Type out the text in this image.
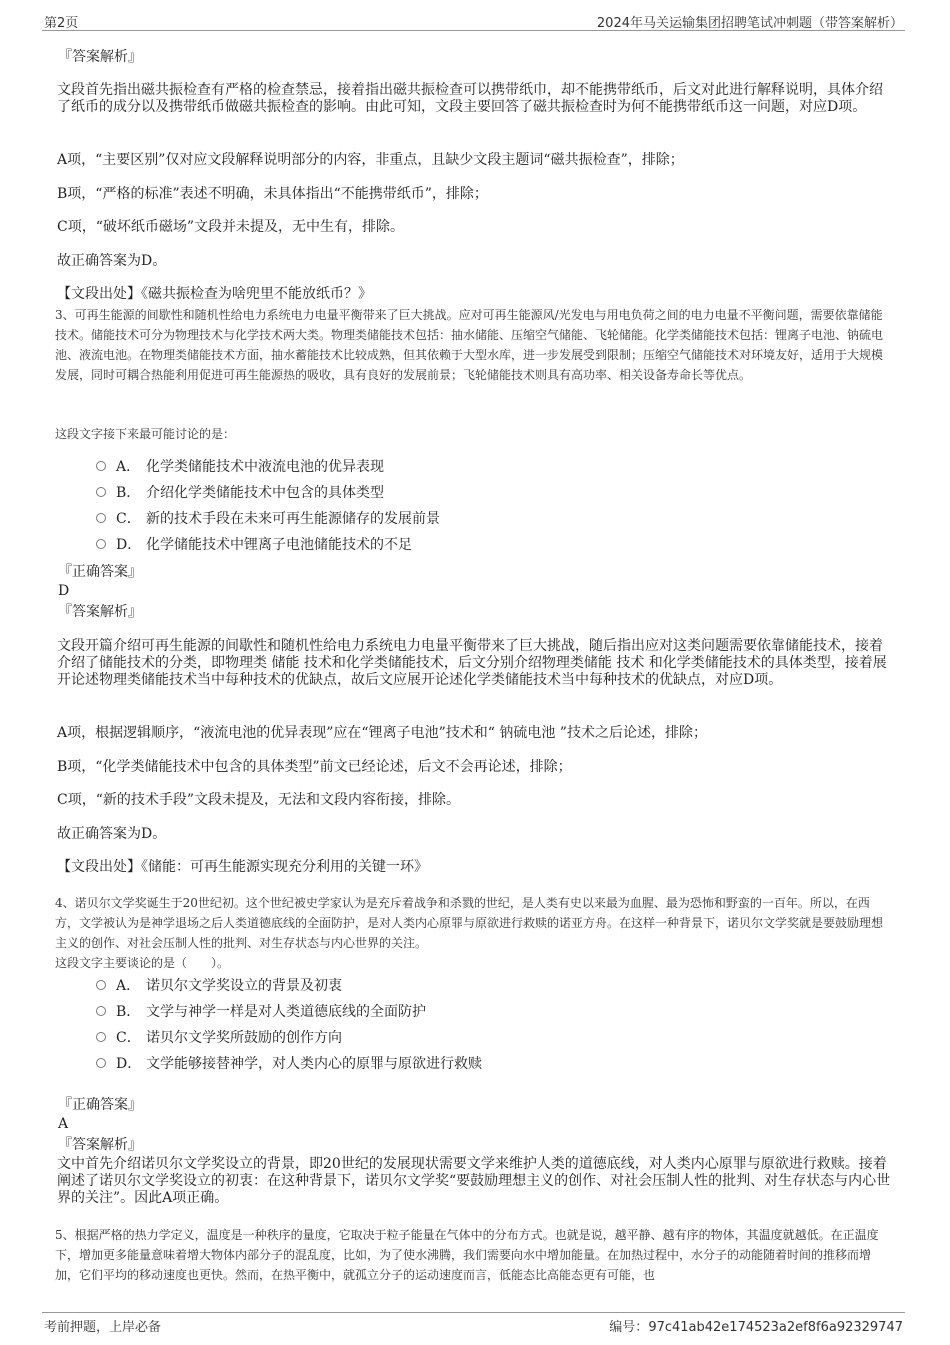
第2页	2024年马关运输集团招聘笔试冲刺题（带答案解析）
『答案解析』
文段首先指出磁共振检查有严格的检查禁忌，接着指出磁共振检查可以携带纸巾，却不能携带纸币，后文对此进行解释说明，具体介绍了纸币的成分以及携带纸币做磁共振检查的影响。由此可知，文段主要回答了磁共振检查时为何不能携带纸币这一问题，对应D项。
A项，“主要区别”仅对应文段解释说明部分的内容，非重点，且缺少文段主题词“磁共振检查”，排除；
B项，“严格的标准”表述不明确，未具体指出“不能携带纸币”，排除；
C项，“破坏纸币磁场”文段并未提及，无中生有，排除。
故正确答案为D。
【文段出处】《磁共振检查为啥兜里不能放纸币？》
3、可再生能源的间歇性和随机性给电力系统电力电量平衡带来了巨大挑战。应对可再生能源风/光发电与用电负荷之间的电力电量不平衡问题，需要依靠储能技术。储能技术可分为物理技术与化学技术两大类。物理类储能技术包括：抽水储能、压缩空气储能、飞轮储能。化学类储能技术包括：锂离子电池、钠硫电池、液流电池。在物理类储能技术方面，抽水蓄能技术比较成熟，但其依赖于大型水库，进一步发展受到限制；压缩空气储能技术对环境友好，适用于大规模发展，同时可耦合热能利用促进可再生能源热的吸收，具有良好的发展前景；飞轮储能技术则具有高功率、相关设备寿命长等优点。
这段文字接下来最可能讨论的是：
A． 化学类储能技术中液流电池的优异表现
B． 介绍化学类储能技术中包含的具体类型
C． 新的技术手段在未来可再生能源储存的发展前景
D． 化学储能技术中锂离子电池储能技术的不足
『正确答案』
D
『答案解析』
文段开篇介绍可再生能源的间歇性和随机性给电力系统电力电量平衡带来了巨大挑战，随后指出应对这类问题需要依靠储能技术，接着介绍了储能技术的分类，即物理类 储能 技术和化学类储能技术，后文分别介绍物理类储能 技术 和化学类储能技术的具体类型，接着展开论述物理类储能技术当中每种技术的优缺点，故后文应展开论述化学类储能技术当中每种技术的优缺点，对应D项。
A项，根据逻辑顺序，“液流电池的优异表现”应在“锂离子电池”技术和“ 钠硫电池 ”技术之后论述，排除；
B项，“化学类储能技术中包含的具体类型”前文已经论述，后文不会再论述，排除；
C项，“新的技术手段”文段未提及，无法和文段内容衔接，排除。
故正确答案为D。
【文段出处】《储能：可再生能源实现充分利用的关键一环》
4、诺贝尔文学奖诞生于20世纪初。这个世纪被史学家认为是充斥着战争和杀戮的世纪，是人类有史以来最为血腥、最为恐怖和野蛮的一百年。所以，在西方，文学被认为是神学退场之后人类道德底线的全面防护，是对人类内心原罪与原欲进行救赎的诺亚方舟。在这样一种背景下，诺贝尔文学奖就是要鼓励理想主义的创作、对社会压制人性的批判、对生存状态与内心世界的关注。
这段文字主要谈论的是（　　）。
A． 诺贝尔文学奖设立的背景及初衷
B． 文学与神学一样是对人类道德底线的全面防护
C． 诺贝尔文学奖所鼓励的创作方向
D． 文学能够接替神学，对人类内心的原罪与原欲进行救赎
『正确答案』
A
『答案解析』
文中首先介绍诺贝尔文学奖设立的背景，即20世纪的发展现状需要文学来维护人类的道德底线，对人类内心原罪与原欲进行救赎。接着阐述了诺贝尔文学奖设立的初衷：在这种背景下，诺贝尔文学奖“要鼓励理想主义的创作、对社会压制人性的批判、对生存状态与内心世界的关注”。因此A项正确。
5、根据严格的热力学定义，温度是一种秩序的量度，它取决于粒子能量在气体中的分布方式。也就是说，越平静、越有序的物体，其温度就越低。在正温度下，增加更多能量意味着增大物体内部分子的混乱度，比如，为了使水沸腾，我们需要向水中增加能量。在加热过程中，水分子的动能随着时间的推移而增加，它们平均的移动速度也更快。然而，在热平衡中，就孤立分子的运动速度而言，低能态比高能态更有可能，也
考前押题，上岸必备	编号：97c41ab42e174523a2ef8f6a92329747
